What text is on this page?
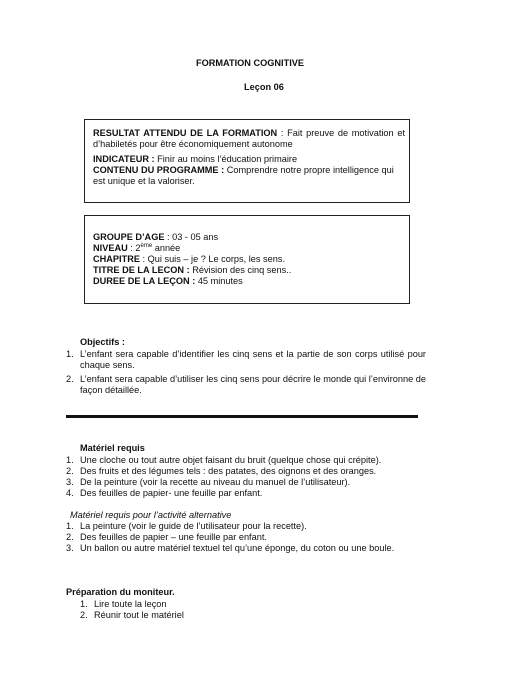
FORMATION COGNITIVE
Leçon 06
RESULTAT ATTENDU DE LA FORMATION : Fait preuve de motivation et d’habiletés pour être économiquement autonome
INDICATEUR : Finir au moins l’éducation primaire
CONTENU DU PROGRAMME : Comprendre notre propre intelligence qui est unique et la valoriser.
GROUPE D’AGE : 03 - 05 ans
NIVEAU : 2ème année
CHAPITRE : Qui suis – je ? Le corps, les sens.
TITRE DE LA LECON : Révision des cinq sens..
DUREE DE LA LEÇON : 45 minutes
Objectifs :
1. L’enfant sera capable d’identifier les cinq sens et la partie de son corps utilisé pour chaque sens.
2. L’enfant sera capable d’utiliser les cinq sens pour décrire le monde qui l’environne de façon détaillée.
Matériel requis
1. Une cloche ou tout autre objet faisant du bruit (quelque chose qui crépite).
2. Des fruits et des légumes tels : des patates, des oignons et des oranges.
3. De la peinture (voir la recette au niveau du manuel de l’utilisateur).
4. Des feuilles de papier- une feuille par enfant.
Matériel requis pour l’activité alternative
1. La peinture (voir le guide de l’utilisateur pour la recette).
2. Des feuilles de papier – une feuille par enfant.
3. Un ballon ou autre matériel textuel tel qu’une éponge, du coton ou une boule.
Préparation du moniteur.
1. Lire toute la leçon
2. Réunir tout le matériel
